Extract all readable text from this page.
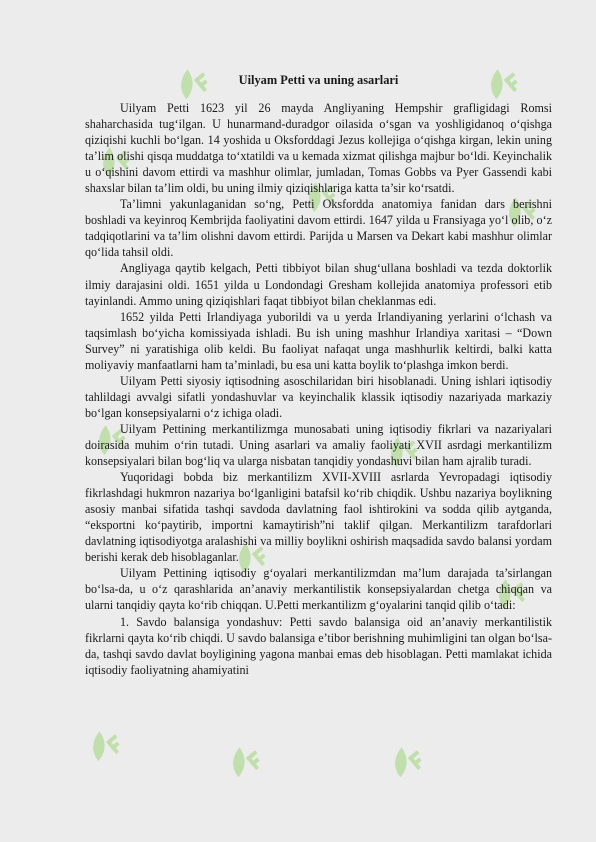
Uilyam Petti va uning asarlari

Uilyam Petti 1623 yil 26 mayda Angliyaning Hempshir grafligidagi Romsi shaharchasida tug‘ilgan. U hunarmand-duradgor oilasida o‘sgan va yoshligidanoq o‘qishga qiziqishi kuchli bo‘lgan. 14 yoshida u Oksforddagi Jezus kollejiga o‘qishga kirgan, lekin uning ta’lim olishi qisqa muddatga to‘xtatildi va u kemada xizmat qilishga majbur bo‘ldi. Keyinchalik u o‘qishini davom ettirdi va mashhur olimlar, jumladan, Tomas Gobbs va Pyer Gassendi kabi shaxslar bilan ta’lim oldi, bu uning ilmiy qiziqishlariga katta ta’sir ko‘rsatdi.

Ta’limni yakunlaganidan so‘ng, Petti Oksfordda anatomiya fanidan dars berishni boshladi va keyinroq Kembrijda faoliyatini davom ettirdi. 1647 yilda u Fransiyaga yo‘l olib, o‘z tadqiqotlarini va ta’lim olishni davom ettirdi. Parijda u Marsen va Dekart kabi mashhur olimlar qo‘lida tahsil oldi.

Angliyaga qaytib kelgach, Petti tibbiyot bilan shug‘ullana boshladi va tezda doktorlik ilmiy darajasini oldi. 1651 yilda u Londondagi Gresham kollejida anatomiya professori etib tayinlandi. Ammo uning qiziqishlari faqat tibbiyot bilan cheklanmas edi.

1652 yilda Petti Irlandiyaga yuborildi va u yerda Irlandiyaning yerlarini o‘lchash va taqsimlash bo‘yicha komissiyada ishladi. Bu ish uning mashhur Irlandiya xaritasi – “Down Survey” ni yaratishiga olib keldi. Bu faoliyat nafaqat unga mashhurlik keltirdi, balki katta moliyaviy manfaatlarni ham ta’minladi, bu esa uni katta boylik to‘plashga imkon berdi.

Uilyam Petti siyosiy iqtisodning asoschilaridan biri hisoblanadi. Uning ishlari iqtisodiy tahlildagi avvalgi sifatli yondashuvlar va keyinchalik klassik iqtisodiy nazariyada markaziy bo‘lgan konsepsiyalarni o‘z ichiga oladi.

Uilyam Pettining merkantilizmga munosabati uning iqtisodiy fikrlari va nazariyalari doirasida muhim o‘rin tutadi. Uning asarlari va amaliy faoliyati XVII asrdagi merkantilizm konsepsiyalari bilan bog‘liq va ularga nisbatan tanqidiy yondashuvi bilan ham ajralib turadi.

Yuqoridagi bobda biz merkantilizm XVII-XVIII asrlarda Yevropadagi iqtisodiy fikrlashdagi hukmron nazariya bo‘lganligini batafsil ko‘rib chiqdik. Ushbu nazariya boylikning asosiy manbai sifatida tashqi savdoda davlatning faol ishtirokini va sodda qilib aytganda, “eksportni ko‘paytirib, importni kamaytirish”ni taklif qilgan. Merkantilizm tarafdorlari davlatning iqtisodiyotga aralashishi va milliy boylikni oshirish maqsadida savdo balansi yordam berishi kerak deb hisoblaganlar.

Uilyam Pettining iqtisodiy g‘oyalari merkantilizmdan ma’lum darajada ta’sirlangan bo‘lsa-da, u o‘z qarashlarida an’anaviy merkantilistik konsepsiyalardan chetga chiqqan va ularni tanqidiy qayta ko‘rib chiqqan. U.Petti merkantilizm g‘oyalarini tanqid qilib o‘tadi:

1. Savdo balansiga yondashuv: Petti savdo balansiga oid an’anaviy merkantilistik fikrlarni qayta ko‘rib chiqdi. U savdo balansiga e’tibor berishning muhimligini tan olgan bo‘lsa-da, tashqi savdo davlat boyligining yagona manbai emas deb hisoblagan. Petti mamlakat ichida iqtisodiy faoliyatning ahamiyatini
